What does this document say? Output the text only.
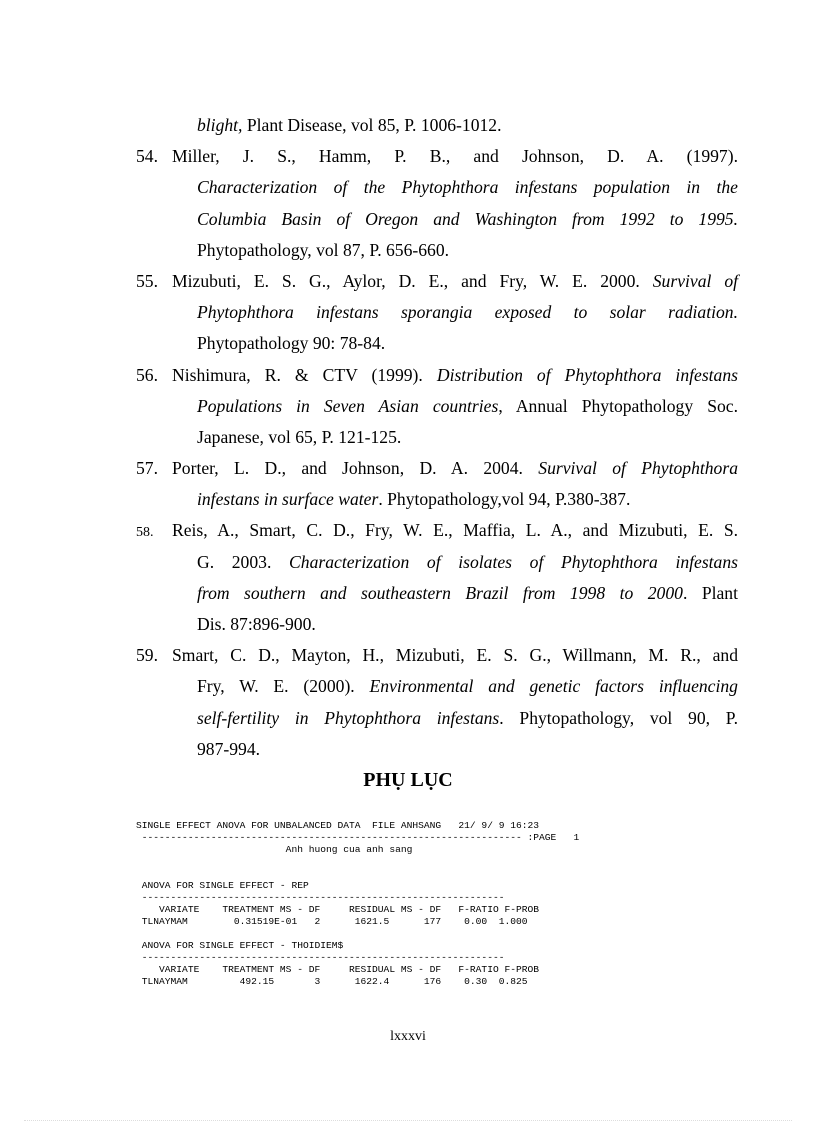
blight, Plant Disease, vol 85, P. 1006-1012.
54. Miller, J. S., Hamm, P. B., and Johnson, D. A. (1997).
Characterization of the Phytophthora infestans population in the
Columbia Basin of Oregon and Washington from 1992 to 1995.
Phytopathology, vol 87, P. 656-660.
55. Mizubuti, E. S. G., Aylor, D. E., and Fry, W. E. 2000. Survival of
Phytophthora infestans sporangia exposed to solar radiation.
Phytopathology 90: 78-84.
56. Nishimura, R. & CTV (1999). Distribution of Phytophthora infestans
Populations in Seven Asian countries, Annual Phytopathology Soc.
Japanese, vol 65, P. 121-125.
57. Porter, L. D., and Johnson, D. A. 2004. Survival of Phytophthora
infestans in surface water. Phytopathology,vol 94, P.380-387.
58. Reis, A., Smart, C. D., Fry, W. E., Maffia, L. A., and Mizubuti, E. S.
G. 2003. Characterization of isolates of Phytophthora infestans
from southern and southeastern Brazil from 1998 to 2000. Plant
Dis. 87:896-900.
59. Smart, C. D., Mayton, H., Mizubuti, E. S. G., Willmann, M. R., and
Fry, W. E. (2000). Environmental and genetic factors influencing
self-fertility in Phytophthora infestans. Phytopathology, vol 90, P.
987-994.
PHỤ LỤC
SINGLE EFFECT ANOVA FOR UNBALANCED DATA  FILE ANHSANG   21/ 9/ 9 16:23
------------------------------------------------------------------ :PAGE   1
Anh huong cua anh sang
ANOVA FOR SINGLE EFFECT - REP
---------------------------------------------------------------
VARIATE    TREATMENT MS - DF     RESIDUAL MS - DF   F-RATIO F-PROB
TLNAYMAM        0.31519E-01   2      1621.5      177    0.00  1.000
ANOVA FOR SINGLE EFFECT - THOIDIEM$
---------------------------------------------------------------
VARIATE    TREATMENT MS - DF     RESIDUAL MS - DF   F-RATIO F-PROB
TLNAYMAM         492.15       3      1622.4      176    0.30  0.825
lxxxvi
